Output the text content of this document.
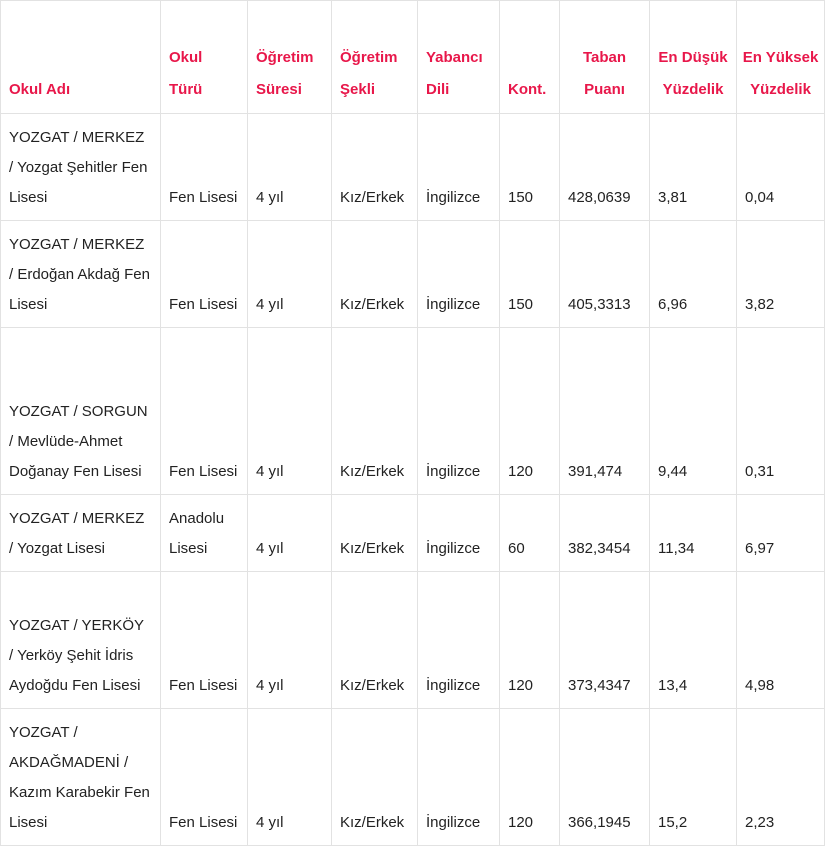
Okul Adı	Okul Türü	Öğretim Süresi	Öğretim Şekli	Yabancı Dili	Kont.	Taban Puanı	En Düşük Yüzdelik	En Yüksek Yüzdelik
YOZGAT / MERKEZ / Yozgat Şehitler Fen Lisesi	Fen Lisesi	4 yıl	Kız/Erkek	İngilizce	150	428,0639	3,81	0,04
YOZGAT / MERKEZ / Erdoğan Akdağ Fen Lisesi	Fen Lisesi	4 yıl	Kız/Erkek	İngilizce	150	405,3313	6,96	3,82
YOZGAT / SORGUN / Mevlüde-Ahmet Doğanay Fen Lisesi	Fen Lisesi	4 yıl	Kız/Erkek	İngilizce	120	391,474	9,44	0,31
YOZGAT / MERKEZ / Yozgat Lisesi	Anadolu Lisesi	4 yıl	Kız/Erkek	İngilizce	60	382,3454	11,34	6,97
YOZGAT / YERKÖY / Yerköy Şehit İdris Aydoğdu Fen Lisesi	Fen Lisesi	4 yıl	Kız/Erkek	İngilizce	120	373,4347	13,4	4,98
YOZGAT / AKDAĞMADENİ / Kazım Karabekir Fen Lisesi	Fen Lisesi	4 yıl	Kız/Erkek	İngilizce	120	366,1945	15,2	2,23
